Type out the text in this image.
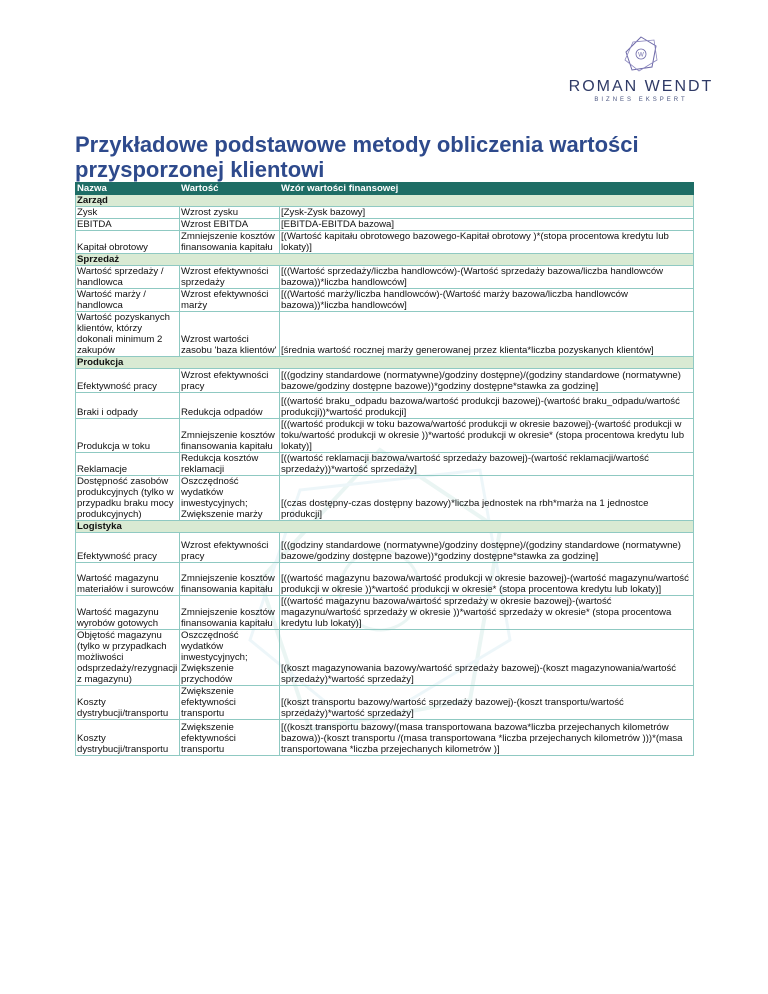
W
ROMAN WENDT
BIZNES EKSPERT
Przykładowe podstawowe metody obliczenia wartości przysporzonej klientowi
Nazwa	Wartość	Wzór wartości finansowej
Zarząd		
Zysk	Wzrost zysku	[Zysk-Zysk bazowy]
EBITDA	Wzrost EBITDA	[EBITDA-EBITDA bazowa]
Kapitał obrotowy	Zmniejszenie kosztów finansowania kapitału	[(Wartość kapitału obrotowego bazowego-Kapitał obrotowy )*(stopa procentowa kredytu lub lokaty)]
Sprzedaż		
Wartość sprzedaży / handlowca	Wzrost efektywności sprzedaży	[((Wartość sprzedaży/liczba handlowców)-(Wartość sprzedaży bazowa/liczba handlowców bazowa))*liczba handlowców]
Wartość marży / handlowca	Wzrost efektywności marży	[((Wartość marży/liczba handlowców)-(Wartość marży bazowa/liczba handlowców bazowa))*liczba handlowców]
Wartość pozyskanych klientów, którzy dokonali minimum 2 zakupów	Wzrost wartości zasobu 'baza klientów'	[średnia wartość rocznej marży generowanej przez klienta*liczba pozyskanych klientów]
Produkcja		
Efektywność pracy	Wzrost efektywności pracy	[((godziny standardowe (normatywne)/godziny dostępne)/(godziny standardowe (normatywne) bazowe/godziny dostępne bazowe))*godziny dostępne*stawka za godzinę]
Braki i odpady	Redukcja odpadów	[((wartość braku_odpadu bazowa/wartość produkcji bazowej)-(wartość braku_odpadu/wartość produkcji))*wartość produkcji]
Produkcja w toku	Zmniejszenie kosztów finansowania kapitału	[((wartość produkcji w toku bazowa/wartość produkcji w okresie bazowej)-(wartość produkcji w toku/wartość produkcji w okresie ))*wartość produkcji w okresie* (stopa procentowa kredytu lub lokaty)]
Reklamacje	Redukcja kosztów reklamacji	[((wartość reklamacji bazowa/wartość sprzedaży bazowej)-(wartość reklamacji/wartość sprzedaży))*wartość sprzedaży]
Dostępność zasobów produkcyjnych (tylko w przypadku braku mocy produkcyjnych)	Oszczędność wydatków inwestycyjnych; Zwiększenie marży	[(czas dostępny-czas dostępny bazowy)*liczba jednostek na rbh*marża na 1 jednostce produkcji]
Logistyka		
Efektywność pracy	Wzrost efektywności pracy	[((godziny standardowe (normatywne)/godziny dostępne)/(godziny standardowe (normatywne) bazowe/godziny dostępne bazowe))*godziny dostępne*stawka za godzinę]
Wartość magazynu materiałów i surowców	Zmniejszenie kosztów finansowania kapitału	[((wartość magazynu bazowa/wartość produkcji w okresie bazowej)-(wartość magazynu/wartość produkcji w okresie ))*wartość produkcji w okresie* (stopa procentowa kredytu lub lokaty)]
Wartość magazynu wyrobów gotowych	Zmniejszenie kosztów finansowania kapitału	[((wartość magazynu bazowa/wartość sprzedaży w okresie bazowej)-(wartość magazynu/wartość sprzedaży w okresie ))*wartość sprzedaży w okresie* (stopa procentowa kredytu lub lokaty)]
Objętość magazynu (tylko w przypadkach możliwości odsprzedaży/rezygnacji z magazynu)	Oszczędność wydatków inwestycyjnych; Zwiększenie przychodów	[(koszt magazynowania bazowy/wartość sprzedaży bazowej)-(koszt magazynowania/wartość sprzedaży)*wartość sprzedaży]
Koszty dystrybucji/transportu	Zwiększenie efektywności transportu	[(koszt transportu bazowy/wartość sprzedaży bazowej)-(koszt transportu/wartość sprzedaży)*wartość sprzedaży]
Koszty dystrybucji/transportu	Zwiększenie efektywności transportu	[((koszt transportu bazowy/(masa transportowana bazowa*liczba przejechanych kilometrów bazowa))-(koszt transportu /(masa transportowana *liczba przejechanych kilometrów )))*(masa transportowana *liczba przejechanych kilometrów )]
